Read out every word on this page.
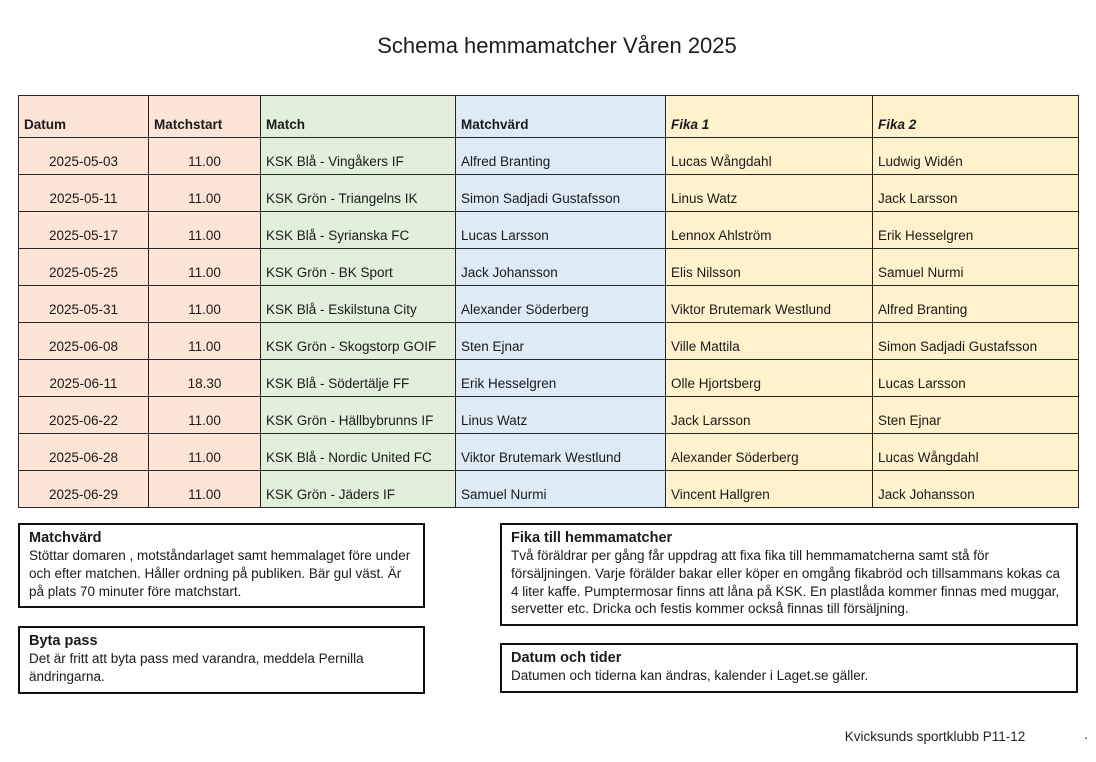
Schema hemmamatcher Våren 2025
Datum	Matchstart	Match	Matchvärd	Fika 1	Fika 2
2025-05-03	11.00	KSK Blå - Vingåkers IF	Alfred Branting	Lucas Wångdahl	Ludwig Widén
2025-05-11	11.00	KSK Grön - Triangelns IK	Simon Sadjadi Gustafsson	Linus Watz	Jack Larsson
2025-05-17	11.00	KSK Blå - Syrianska FC	Lucas Larsson	Lennox Ahlström	Erik Hesselgren
2025-05-25	11.00	KSK Grön - BK Sport	Jack Johansson	Elis Nilsson	Samuel Nurmi
2025-05-31	11.00	KSK Blå - Eskilstuna City	Alexander Söderberg	Viktor Brutemark Westlund	Alfred Branting
2025-06-08	11.00	KSK Grön - Skogstorp GOIF	Sten Ejnar	Ville Mattila	Simon Sadjadi Gustafsson
2025-06-11	18.30	KSK Blå - Södertälje FF	Erik Hesselgren	Olle Hjortsberg	Lucas Larsson
2025-06-22	11.00	KSK Grön - Hällbybrunns IF	Linus Watz	Jack Larsson	Sten Ejnar
2025-06-28	11.00	KSK Blå - Nordic United FC	Viktor Brutemark Westlund	Alexander Söderberg	Lucas Wångdahl
2025-06-29	11.00	KSK Grön - Jäders IF	Samuel Nurmi	Vincent Hallgren	Jack Johansson
Matchvärd

Stöttar domaren , motståndarlaget samt hemmalaget före under och efter matchen. Håller ordning på publiken. Bär gul väst. Är på plats 70 minuter före matchstart.

Byta pass

Det är fritt att byta pass med varandra, meddela Pernilla ändringarna.

Fika till hemmamatcher

Två föräldrar per gång får uppdrag att fixa fika till hemmamatcherna samt stå för försäljningen. Varje förälder bakar eller köper en omgång fikabröd och tillsammans kokas ca 4 liter kaffe. Pumptermosar finns att låna på KSK. En plastlåda kommer finnas med muggar, servetter etc. Dricka och festis kommer också finnas till försäljning.

Datum och tider

Datumen och tiderna kan ändras, kalender i Laget.se gäller.

Kvicksunds sportklubb P11-12	.
